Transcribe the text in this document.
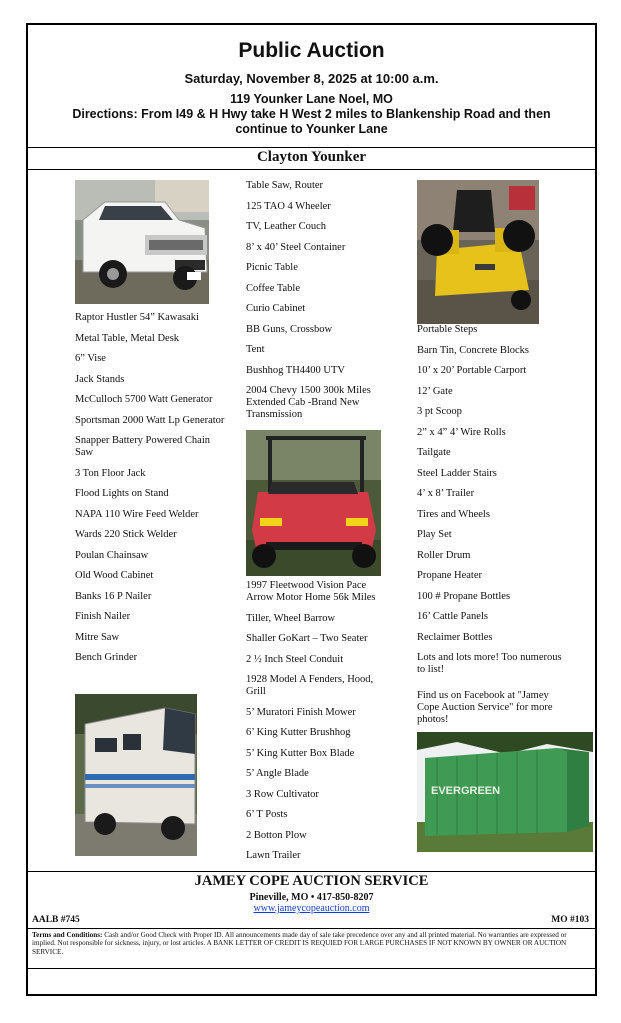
Public Auction
Saturday, November 8, 2025 at 10:00 a.m.
119 Younker Lane Noel, MO
Directions: From I49 & H Hwy take H West 2 miles to Blankenship Road and then continue to Younker Lane
Clayton Younker
Raptor Hustler 54” Kawasaki
Metal Table, Metal Desk
6” Vise
Jack Stands
McCulloch 5700 Watt Generator
Sportsman 2000 Watt Lp Generator
Snapper Battery Powered Chain Saw
3 Ton Floor Jack
Flood Lights on Stand
NAPA 110 Wire Feed Welder
Wards 220 Stick Welder
Poulan Chainsaw
Old Wood Cabinet
Banks 16 P Nailer
Finish Nailer
Mitre Saw
Bench Grinder
Table Saw, Router
125 TAO 4 Wheeler
TV, Leather Couch
8’ x 40’ Steel Container
Picnic Table
Coffee Table
Curio Cabinet
BB Guns, Crossbow
Tent
Bushhog TH4400 UTV
2004 Chevy 1500 300k Miles Extended Cab -Brand New Transmission
1997 Fleetwood Vision Pace Arrow Motor Home 56k Miles
Tiller, Wheel Barrow
Shaller GoKart – Two Seater
2 ½ Inch Steel Conduit
1928 Model A Fenders, Hood, Grill
5’ Muratori Finish Mower
6’ King Kutter Brushhog
5’ King Kutter Box Blade
5’ Angle Blade
3 Row Cultivator
6’ T Posts
2 Botton Plow
Lawn Trailer
Portable Steps
Barn Tin, Concrete Blocks
10’ x 20’ Portable Carport
12’ Gate
3 pt Scoop
2” x 4” 4’ Wire Rolls
Tailgate
Steel Ladder Stairs
4’ x 8’ Trailer
Tires and Wheels
Play Set
Roller Drum
Propane Heater
100 # Propane Bottles
16’ Cattle Panels
Reclaimer Bottles
Lots and lots more! Too numerous to list!
Find us on Facebook at "Jamey Cope Auction Service" for more photos!
EVERGREEN
JAMEY COPE AUCTION SERVICE
Pineville, MO • 417-850-8207
www.jameycopeauction.com
AALB #745	MO #103
Terms and Conditions: Cash and/or Good Check with Proper ID. All announcements made day of sale take precedence over any and all printed material. No warranties are expressed or implied. Not responsible for sickness, injury, or lost articles. A BANK LETTER OF CREDIT IS REQUIED FOR LARGE PURCHASES IF NOT KNOWN BY OWNER OR AUCTION SERVICE.
